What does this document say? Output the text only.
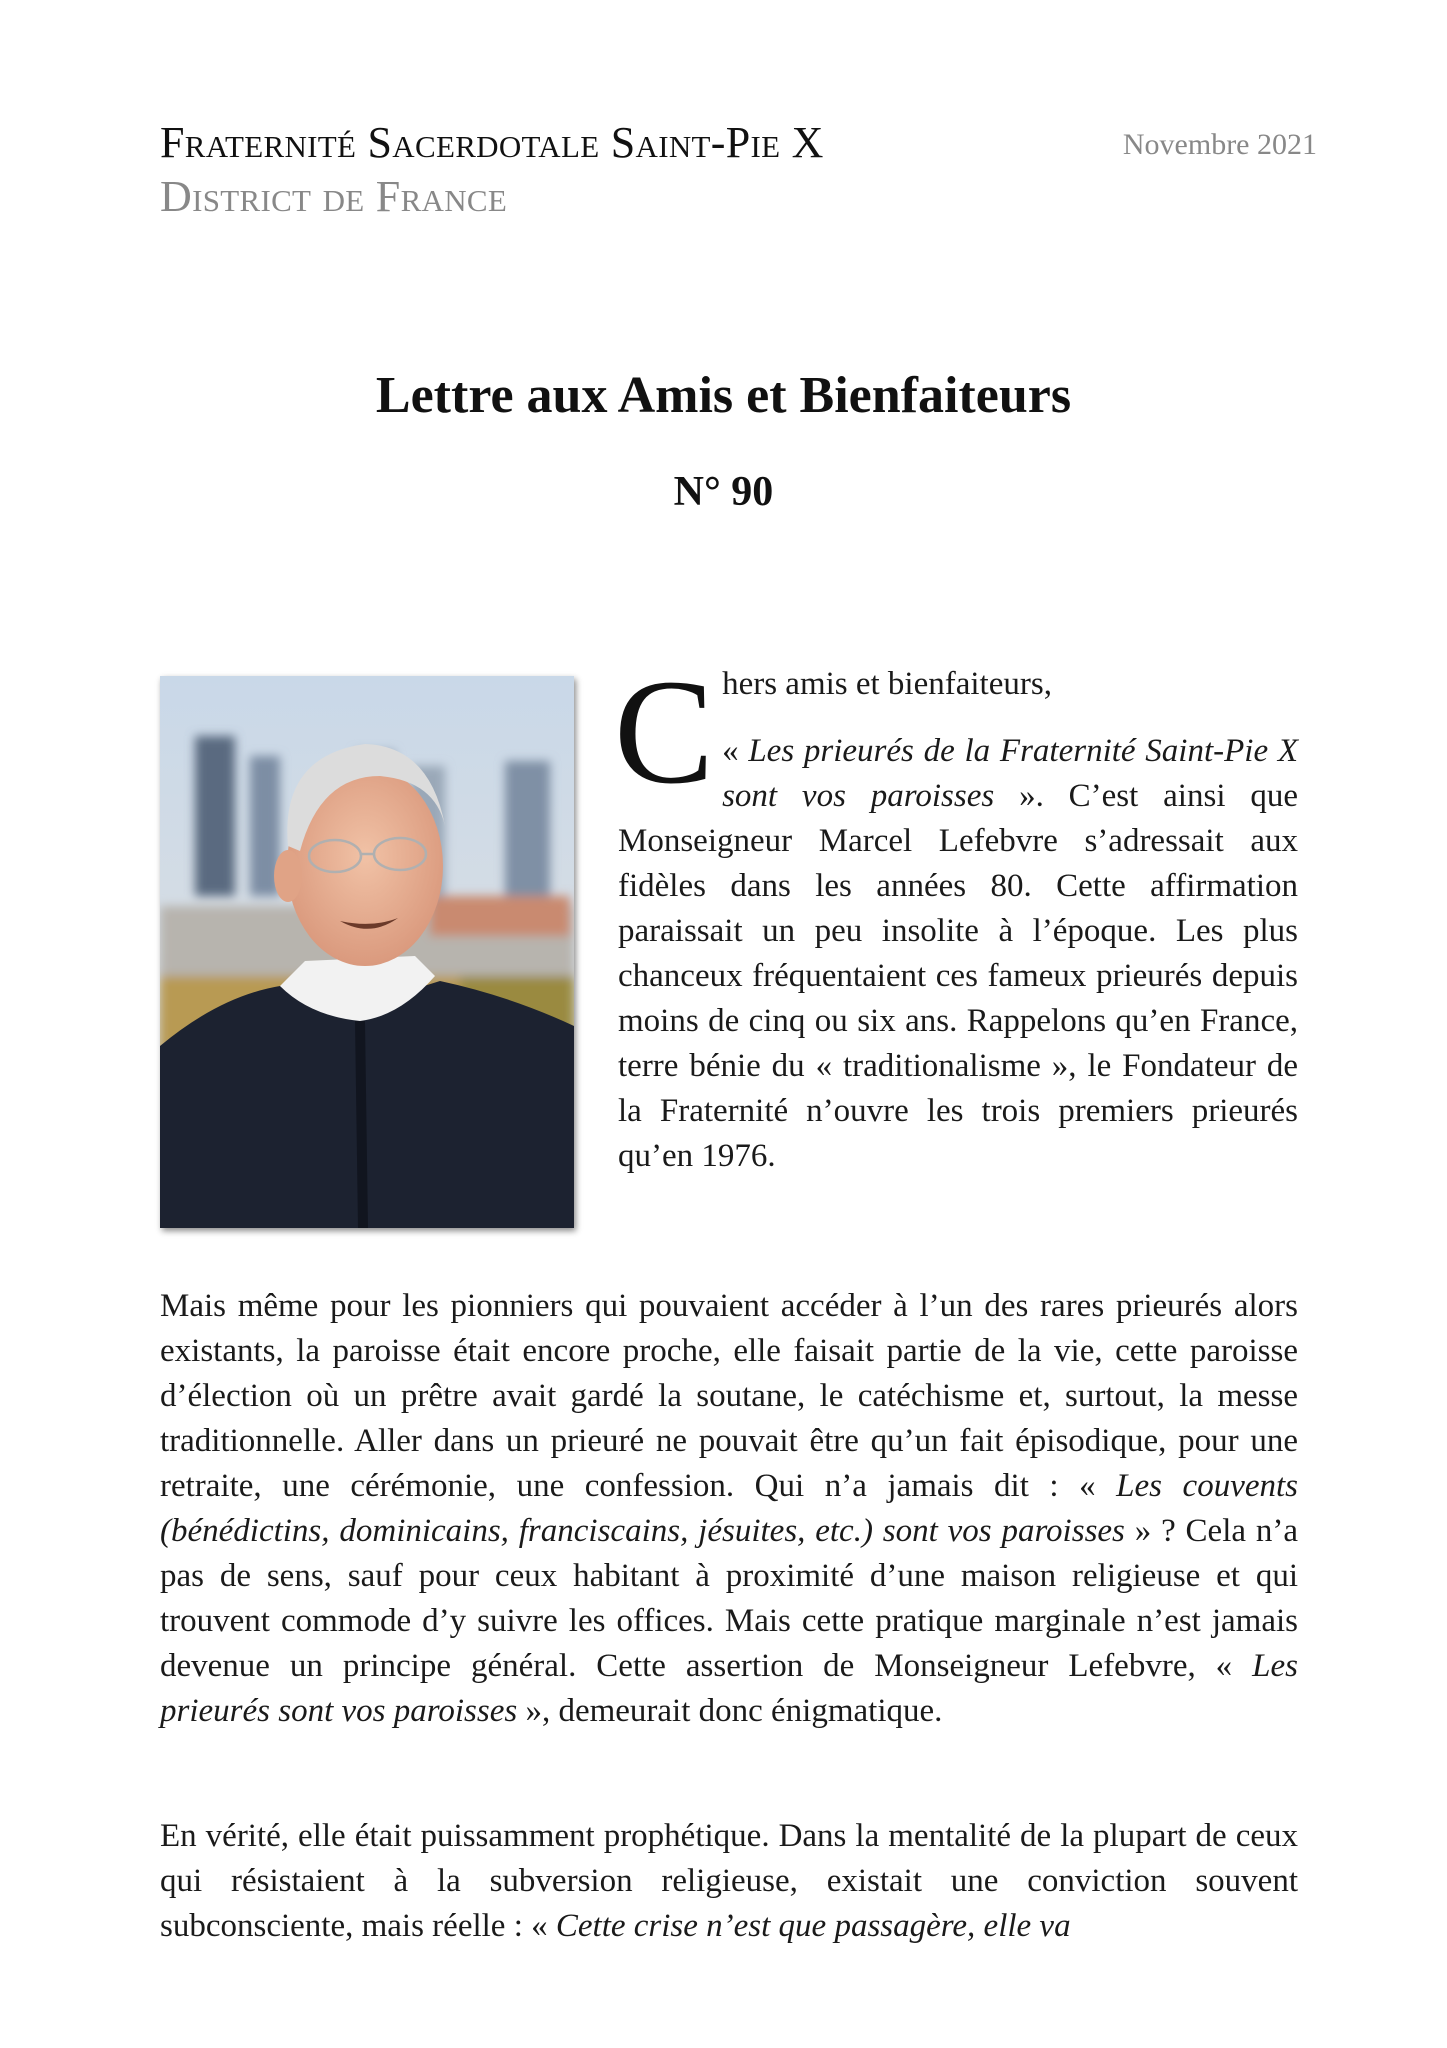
Fraternité Sacerdotale Saint-Pie X
District de France
Novembre 2021
Lettre aux Amis et Bienfaiteurs
N° 90
C hers amis et bienfaiteurs,

« Les prieurés de la Fraternité Saint-Pie X sont vos paroisses ». C’est ainsi que Monseigneur Marcel Lefebvre s’adressait aux fidèles dans les années 80. Cette affirmation paraissait un peu insolite à l’époque. Les plus chanceux fréquentaient ces fameux prieurés depuis moins de cinq ou six ans. Rappelons qu’en France, terre bénie du « traditionalisme », le Fondateur de la Fraternité n’ouvre les trois premiers prieurés qu’en 1976.

Mais même pour les pionniers qui pouvaient accéder à l’un des rares prieurés alors existants, la paroisse était encore proche, elle faisait partie de la vie, cette paroisse d’élection où un prêtre avait gardé la soutane, le catéchisme et, surtout, la messe traditionnelle. Aller dans un prieuré ne pouvait être qu’un fait épisodique, pour une retraite, une cérémonie, une confession. Qui n’a jamais dit : « Les couvents (bénédictins, dominicains, franciscains, jésuites, etc.) sont vos paroisses » ? Cela n’a pas de sens, sauf pour ceux habitant à proximité d’une maison religieuse et qui trouvent commode d’y suivre les offices. Mais cette pratique marginale n’est jamais devenue un principe général. Cette assertion de Monseigneur Lefebvre, « Les prieurés sont vos paroisses », demeurait donc énigmatique.

En vérité, elle était puissamment prophétique. Dans la mentalité de la plupart de ceux qui résistaient à la subversion religieuse, existait une conviction souvent subconsciente, mais réelle : « Cette crise n’est que passagère, elle va
